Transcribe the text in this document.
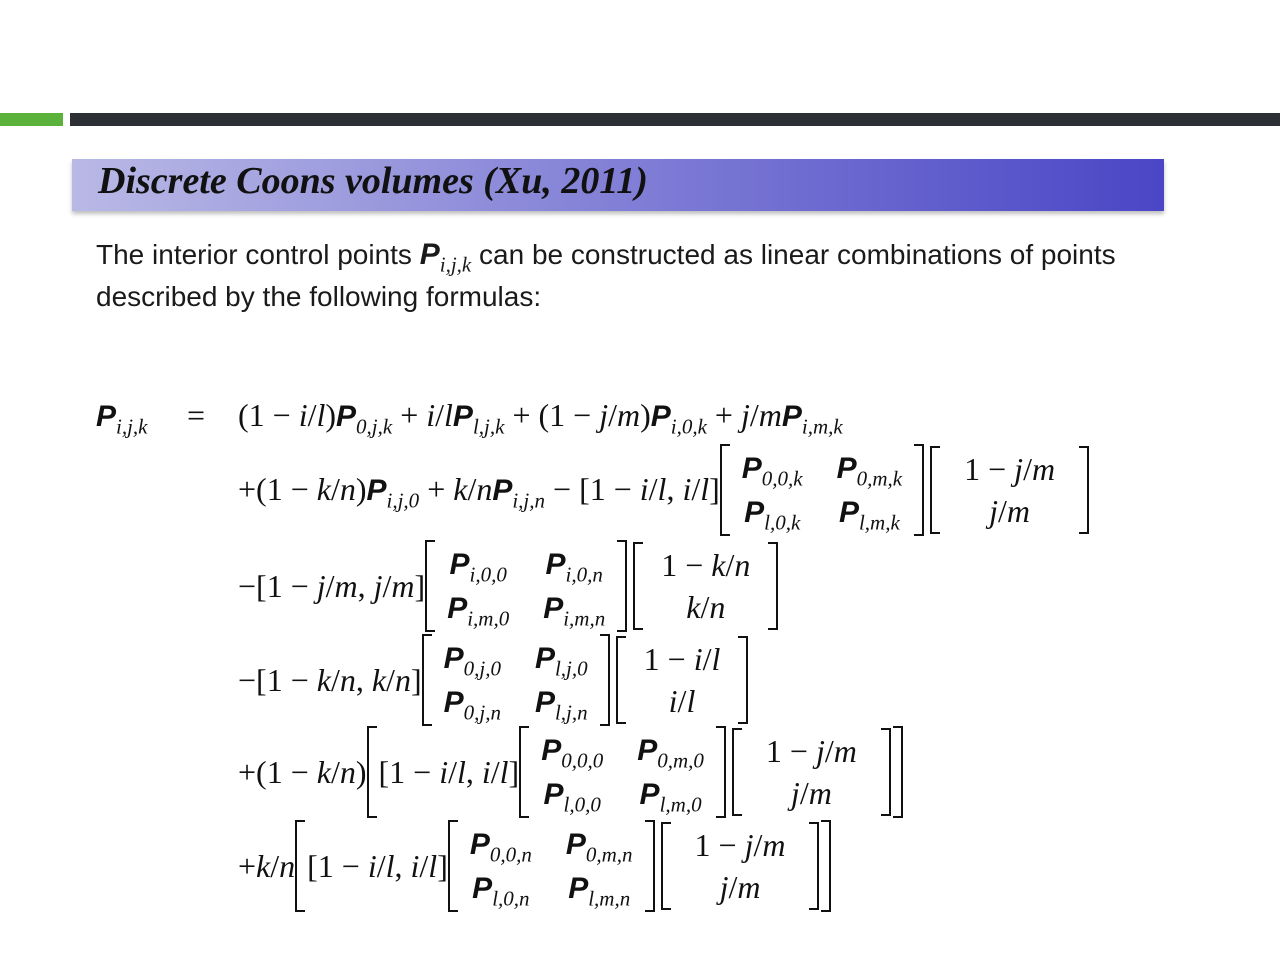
Discrete Coons volumes (Xu, 2011)
The interior control points $P_{i,j,k}$ can be constructed as linear combinations of points described by the following formulas:
$P_{i,j,k} = (1 - i/l)P_{0,j,k} + i/lP_{l,j,k} + (1 - j/m)P_{i,0,k} + j/mP_{i,m,k}$
$+(1 - k/n)P_{i,j,0} + k/nP_{i,j,n} - [1 - i/l$, i/l]
$P_{0,0,k}$ $P_{0,m,k}$
$P_{l,0,k}$ $P_{l,m,k}$
1 − j/m
j/m
−[1 − j/m, j/m]
$P_{i,0,0}$ $P_{i,0,n}$
$P_{i,m,0}$ $P_{i,m,n}$
1 − k/n
k/n
−[1 − k/n, k/n]
$P_{0,j,0}$ $P_{l,j,0}$
$P_{0,j,n}$ $P_{l,j,n}$
1 − i/l
i/l
+(1 − k/n) [1 − i/l, i/l]
$P_{0,0,0}$ $P_{0,m,0}$
$P_{l,0,0}$ $P_{l,m,0}$
1 − j/m
j/m
+k/n [1 − i/l, i/l]
$P_{0,0,n}$ $P_{0,m,n}$
$P_{l,0,n}$ $P_{l,m,n}$
1 − j/m
j/m
